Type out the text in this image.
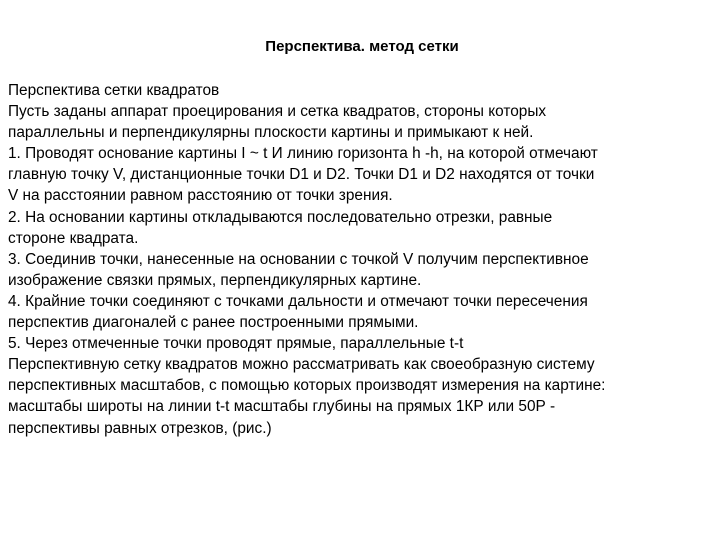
Перспектива. метод сетки
Перспектива сетки квадратов
Пусть заданы аппарат проецирования и сетка квадратов, стороны которых
параллельны и перпендикулярны плоскости картины и примыкают к ней.
1. Проводят основание картины I ~ t И линию горизонта h -h, на которой отмечают
главную точку V, дистанционные точки D1 и D2. Точки D1 и D2 находятся от точки
V на расстоянии равном расстоянию от точки зрения.
2. На основании картины откладываются последовательно отрезки, равные
стороне квадрата.
3. Соединив точки, нанесенные на основании с точкой V получим перспективное
изображение связки прямых, перпендикулярных картине.
4. Крайние точки соединяют с точками дальности и отмечают точки пересечения
перспектив диагоналей с ранее построенными прямыми.
5. Через отмеченные точки проводят прямые, параллельные t-t
Перспективную сетку квадратов можно рассматривать как своеобразную систему
перспективных масштабов, с помощью которых производят измерения на картине:
масштабы широты на линии t-t масштабы глубины на прямых 1КР или 50Р -
перспективы равных отрезков, (рис.)
